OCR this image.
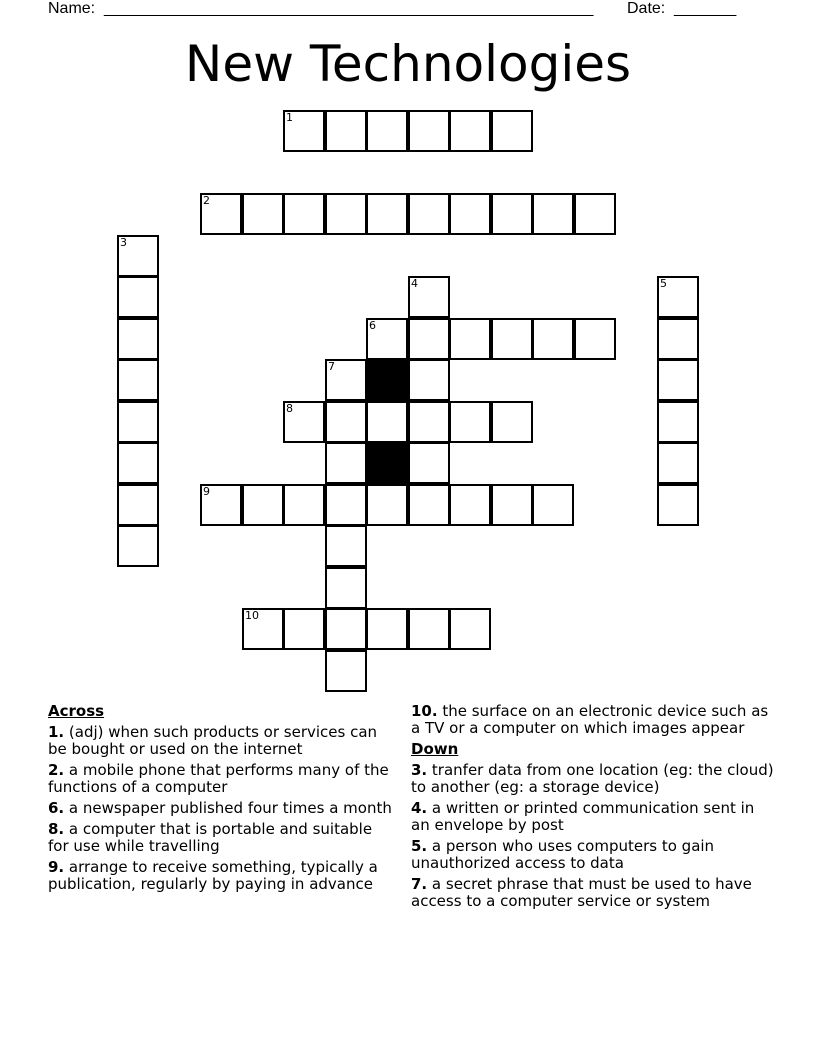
Name: _______________________________________________________ Date: _______
New Technologies
1
2
3
4	5
6
7
8
9
10
Across
1. (adj) when such products or services can be bought or used on the internet
2. a mobile phone that performs many of the functions of a computer
6. a newspaper published four times a month
8. a computer that is portable and suitable for use while travelling
9. arrange to receive something, typically a publication, regularly by paying in advance
10. the surface on an electronic device such as a TV or a computer on which images appear
Down
3. tranfer data from one location (eg: the cloud) to another (eg: a storage device)
4. a written or printed communication sent in an envelope by post
5. a person who uses computers to gain unauthorized access to data
7. a secret phrase that must be used to have access to a computer service or system
